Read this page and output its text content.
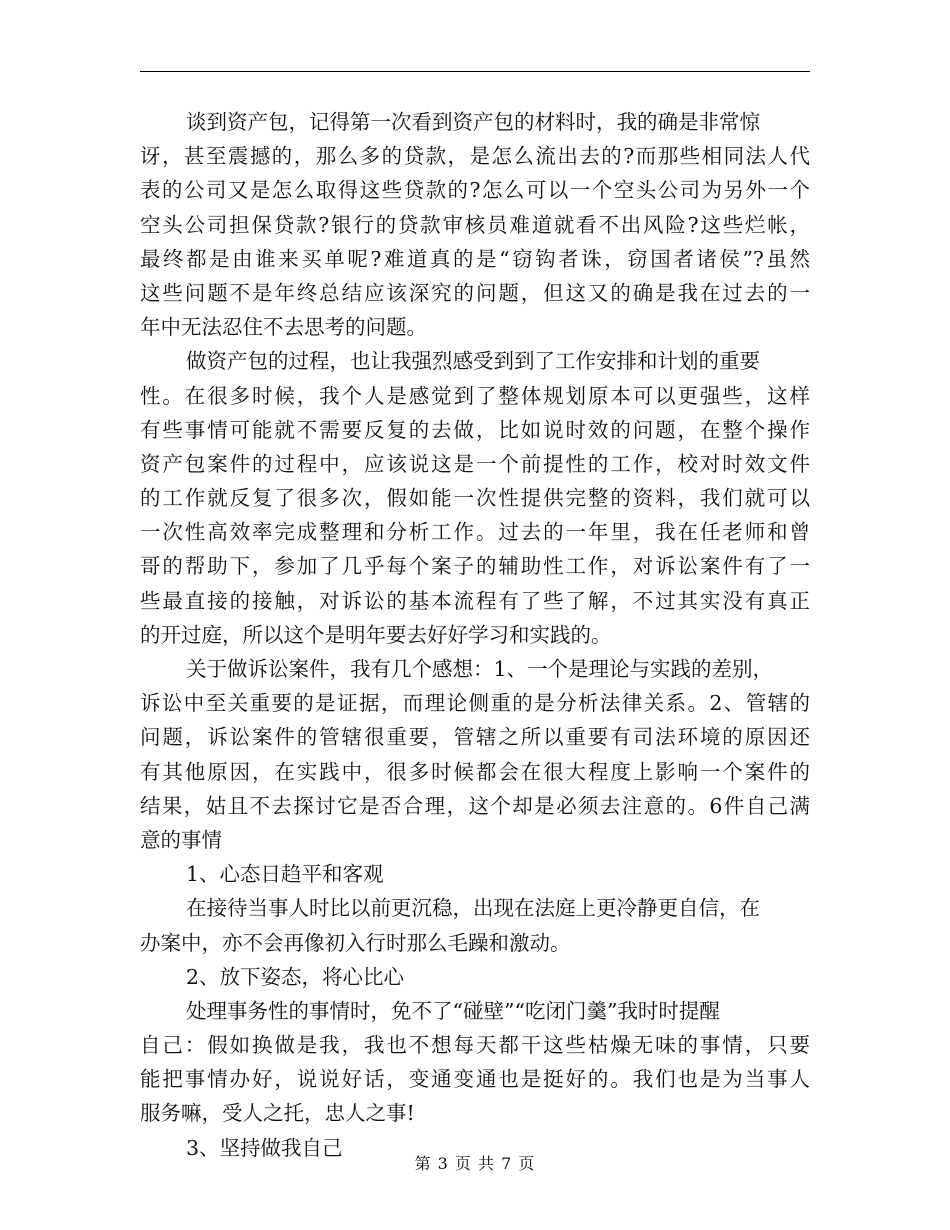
谈到资产包，记得第一次看到资产包的材料时，我的确是非常惊
讶，甚至震撼的，那么多的贷款，是怎么流出去的?而那些相同法人代
表的公司又是怎么取得这些贷款的?怎么可以一个空头公司为另外一个
空头公司担保贷款?银行的贷款审核员难道就看不出风险?这些烂帐，
最终都是由谁来买单呢?难道真的是“窃钩者诛，窃国者诸侯”?虽然
这些问题不是年终总结应该深究的问题，但这又的确是我在过去的一
年中无法忍住不去思考的问题。
做资产包的过程，也让我强烈感受到到了工作安排和计划的重要
性。在很多时候，我个人是感觉到了整体规划原本可以更强些，这样
有些事情可能就不需要反复的去做，比如说时效的问题，在整个操作
资产包案件的过程中，应该说这是一个前提性的工作，校对时效文件
的工作就反复了很多次，假如能一次性提供完整的资料，我们就可以
一次性高效率完成整理和分析工作。过去的一年里，我在任老师和曾
哥的帮助下，参加了几乎每个案子的辅助性工作，对诉讼案件有了一
些最直接的接触，对诉讼的基本流程有了些了解，不过其实没有真正
的开过庭，所以这个是明年要去好好学习和实践的。
关于做诉讼案件，我有几个感想：1、一个是理论与实践的差别，
诉讼中至关重要的是证据，而理论侧重的是分析法律关系。2、管辖的
问题，诉讼案件的管辖很重要，管辖之所以重要有司法环境的原因还
有其他原因，在实践中，很多时候都会在很大程度上影响一个案件的
结果，姑且不去探讨它是否合理，这个却是必须去注意的。6件自己满
意的事情
1、心态日趋平和客观
在接待当事人时比以前更沉稳，出现在法庭上更冷静更自信，在
办案中，亦不会再像初入行时那么毛躁和激动。
2、放下姿态，将心比心
处理事务性的事情时，免不了“碰壁”“吃闭门羹”我时时提醒
自己：假如换做是我，我也不想每天都干这些枯燥无味的事情，只要
能把事情办好，说说好话，变通变通也是挺好的。我们也是为当事人
服务嘛，受人之托，忠人之事!
3、坚持做我自己
第 3 页 共 7 页
